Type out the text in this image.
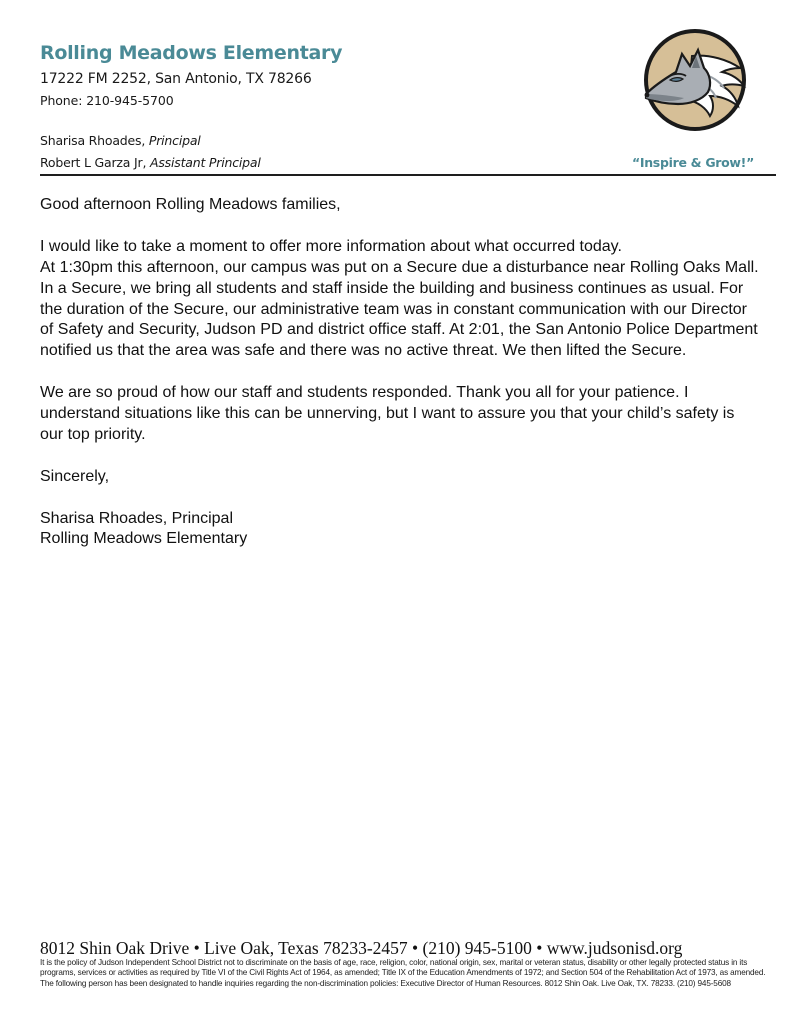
Rolling Meadows Elementary
17222 FM 2252, San Antonio, TX 78266
Phone: 210-945-5700
Sharisa Rhoades, Principal
Robert L Garza Jr, Assistant Principal	“Inspire & Grow!”

Good afternoon Rolling Meadows families,

I would like to take a moment to offer more information about what occurred today.
At 1:30pm this afternoon, our campus was put on a Secure due a disturbance near Rolling Oaks Mall.
In a Secure, we bring all students and staff inside the building and business continues as usual. For
the duration of the Secure, our administrative team was in constant communication with our Director
of Safety and Security, Judson PD and district office staff. At 2:01, the San Antonio Police Department
notified us that the area was safe and there was no active threat. We then lifted the Secure.

We are so proud of how our staff and students responded. Thank you all for your patience. I
understand situations like this can be unnerving, but I want to assure you that your child’s safety is
our top priority.

Sincerely,

Sharisa Rhoades, Principal
Rolling Meadows Elementary

8012 Shin Oak Drive • Live Oak, Texas 78233-2457 • (210) 945-5100 • www.judsonisd.org
It is the policy of Judson Independent School District not to discriminate on the basis of age, race, religion, color, national origin, sex, marital or veteran status, disability or other legally protected status in its
programs, services or activities as required by Title VI of the Civil Rights Act of 1964, as amended; Title IX of the Education Amendments of 1972; and Section 504 of the Rehabilitation Act of 1973, as amended.
The following person has been designated to handle inquiries regarding the non-discrimination policies: Executive Director of Human Resources. 8012 Shin Oak. Live Oak, TX. 78233. (210) 945-5608
